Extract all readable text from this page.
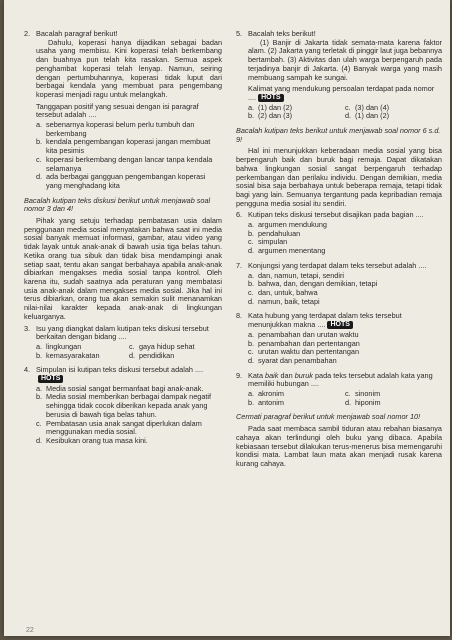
2. Bacalah paragraf berikut!
Dahulu, koperasi hanya dijadikan sebagai badan usaha yang membisu. Kini koperasi telah berkembang dan buahnya pun telah kita rasakan. Semua aspek penghambat koperasi telah lenyap. Namun, seiring dengan pertumbuhannya, koperasi tidak luput dari berbagai kendala yang membuat para pengembang koperasi menjadi ragu untuk melangkah.
Tanggapan positif yang sesuai dengan isi paragraf tersebut adalah ....
a. sebenarnya koperasi belum perlu tumbuh dan berkembang
b. kendala pengembangan koperasi jangan membuat kita pesimis
c. koperasi berkembang dengan lancar tanpa kendala selamanya
d. ada berbagai gangguan pengembangan koperasi yang menghadang kita
Bacalah kutipan teks diskusi berikut untuk menjawab soal nomor 3 dan 4!
Pihak yang setuju terhadap pembatasan usia dalam penggunaan media sosial menyatakan bahwa saat ini media sosial banyak memuat informasi, gambar, atau video yang tidak layak untuk anak-anak di bawah usia tiga belas tahun. Ketika orang tua sibuk dan tidak bisa mendampingi anak setiap saat, tentu akan sangat berbahaya apabila anak-anak dibiarkan mengakses media sosial tanpa kontrol. Oleh karena itu, sudah saatnya ada peraturan yang membatasi usia anak-anak dalam mengakses media sosial. Jika hal ini terus dibiarkan, orang tua akan semakin sulit menanamkan nilai-nilai karakter kepada anak-anak di lingkungan keluarganya.
3. Isu yang diangkat dalam kutipan teks diskusi tersebut berkaitan dengan bidang ....
a. lingkungan	c. gaya hidup sehat
b. kemasyarakatan	d. pendidikan
4. Simpulan isi kutipan teks diskusi tersebut adalah ....HOTS
a. Media sosial sangat bermanfaat bagi anak-anak.
b. Media sosial memberikan berbagai dampak negatif sehingga tidak cocok diberikan kepada anak yang berusia di bawah tiga belas tahun.
c. Pembatasan usia anak sangat diperlukan dalam menggunakan media sosial.
d. Kesibukan orang tua masa kini.
5. Bacalah teks berikut!
(1) Banjir di Jakarta tidak semata-mata karena faktor alam. (2) Jakarta yang terletak di pinggir laut juga bebannya bertambah. (3) Aktivitas dan ulah warga berpengaruh pada terjadinya banjir di Jakarta. (4) Banyak warga yang masih membuang sampah ke sungai.
Kalimat yang mendukung persoalan terdapat pada nomor .... HOTS
a. (1) dan (2)	c. (3) dan (4)
b. (2) dan (3)	d. (1) dan (2)
Bacalah kutipan teks berikut untuk menjawab soal nomor 6 s.d. 9!
Hal ini menunjukkan keberadaan media sosial yang bisa berpengaruh baik dan buruk bagi remaja. Dapat dikatakan bahwa lingkungan sosial sangat berpengaruh terhadap perkembangan dan perilaku individu. Dengan demikian, media sosial bisa saja berbahaya untuk beberapa remaja, tetapi tidak bagi yang lain. Semuanya tergantung pada kepribadian remaja pengguna media sosial itu sendiri.
6. Kutipan teks diskusi tersebut disajikan pada bagian ....
a. argumen mendukung
b. pendahuluan
c. simpulan
d. argumen menentang
7. Konjungsi yang terdapat dalam teks tersebut adalah ....
a. dan, namun, tetapi, sendiri
b. bahwa, dan, dengan demikian, tetapi
c. dan, untuk, bahwa
d. namun, baik, tetapi
8. Kata hubung yang terdapat dalam teks tersebut menunjukkan makna .... HOTS
a. penambahan dan urutan waktu
b. penambahan dan pertentangan
c. urutan waktu dan pertentangan
d. syarat dan penambahan
9. Kata baik dan buruk pada teks tersebut adalah kata yang memiliki hubungan ....
a. akronim	c. sinonim
b. antonim	d. hiponim
Cermati paragraf berikut untuk menjawab soal nomor 10!
Pada saat membaca sambil tiduran atau rebahan biasanya cahaya akan terlindungi oleh buku yang dibaca. Apabila kebiasaan tersebut dilakukan terus-menerus bisa memengaruhi kondisi mata. Lambat laun mata akan menjadi rusak karena kurang cahaya.
22
